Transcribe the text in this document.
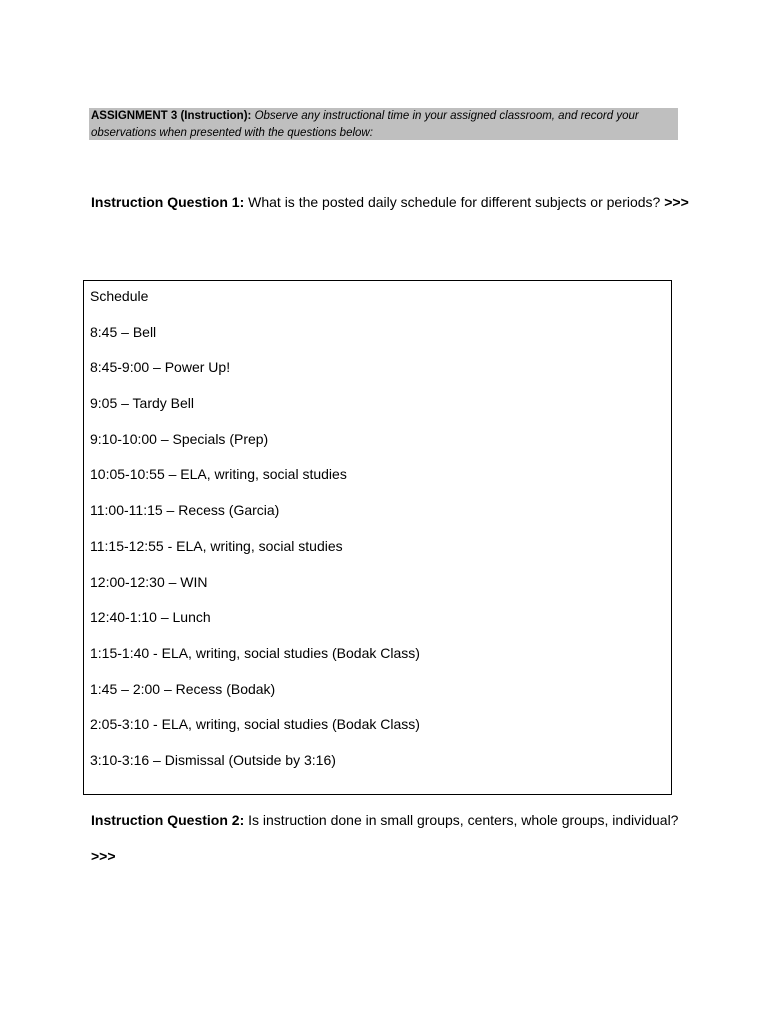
ASSIGNMENT 3 (Instruction): Observe any instructional time in your assigned classroom, and record your observations when presented with the questions below:
Instruction Question 1: What is the posted daily schedule for different subjects or periods? >>>
Schedule
8:45 – Bell
8:45-9:00 – Power Up!
9:05 – Tardy Bell
9:10-10:00 – Specials (Prep)
10:05-10:55 – ELA, writing, social studies
11:00-11:15 – Recess (Garcia)
11:15-12:55 - ELA, writing, social studies
12:00-12:30 – WIN
12:40-1:10 – Lunch
1:15-1:40 - ELA, writing, social studies (Bodak Class)
1:45 – 2:00 – Recess (Bodak)
2:05-3:10 - ELA, writing, social studies (Bodak Class)
3:10-3:16 – Dismissal (Outside by 3:16)
Instruction Question 2: Is instruction done in small groups, centers, whole groups, individual? >>>
